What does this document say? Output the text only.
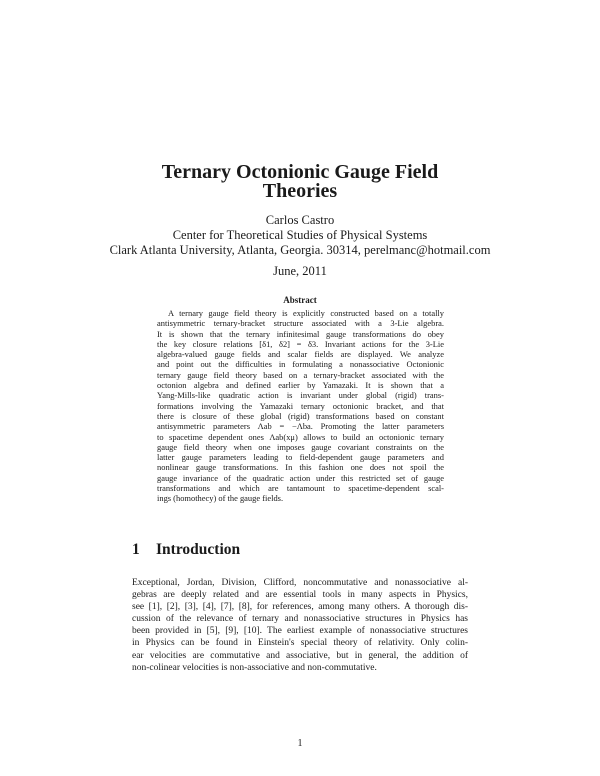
Ternary Octonionic Gauge Field
Theories
Carlos Castro
Center for Theoretical Studies of Physical Systems
Clark Atlanta University, Atlanta, Georgia. 30314, perelmanc@hotmail.com
June, 2011
Abstract
A ternary gauge field theory is explicitly constructed based on a totally
antisymmetric ternary-bracket structure associated with a 3-Lie algebra.
It is shown that the ternary infinitesimal gauge transformations do obey
the key closure relations [δ1, δ2] = δ3. Invariant actions for the 3-Lie
algebra-valued gauge fields and scalar fields are displayed. We analyze
and point out the difficulties in formulating a nonassociative Octonionic
ternary gauge field theory based on a ternary-bracket associated with the
octonion algebra and defined earlier by Yamazaki. It is shown that a
Yang-Mills-like quadratic action is invariant under global (rigid) trans-
formations involving the Yamazaki ternary octonionic bracket, and that
there is closure of these global (rigid) transformations based on constant
antisymmetric parameters Λab = −Λba. Promoting the latter parameters
to spacetime dependent ones Λab(xμ) allows to build an octonionic ternary
gauge field theory when one imposes gauge covariant constraints on the
latter gauge parameters leading to field-dependent gauge parameters and
nonlinear gauge transformations. In this fashion one does not spoil the
gauge invariance of the quadratic action under this restricted set of gauge
transformations and which are tantamount to spacetime-dependent scal-
ings (homothecy) of the gauge fields.
1 Introduction
Exceptional, Jordan, Division, Clifford, noncommutative and nonassociative al-
gebras are deeply related and are essential tools in many aspects in Physics,
see [1], [2], [3], [4], [7], [8], for references, among many others. A thorough dis-
cussion of the relevance of ternary and nonassociative structures in Physics has
been provided in [5], [9], [10]. The earliest example of nonassociative structures
in Physics can be found in Einstein's special theory of relativity. Only colin-
ear velocities are commutative and associative, but in general, the addition of
non-colinear velocities is non-associative and non-commutative.
1
